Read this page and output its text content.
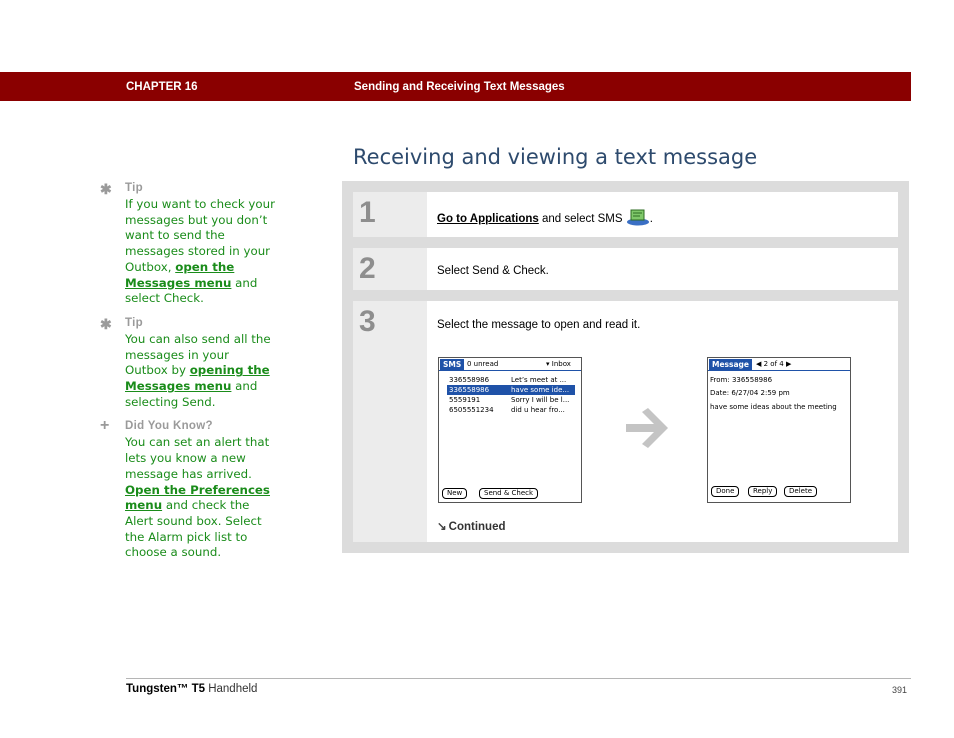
CHAPTER 16	Sending and Receiving Text Messages
Receiving and viewing a text message
✱ Tip
If you want to check your messages but you don’t want to send the messages stored in your Outbox, open the Messages menu and select Check.
✱ Tip
You can also send all the messages in your Outbox by opening the Messages menu and selecting Send.
+ Did You Know?
You can set an alert that lets you know a new message has arrived. Open the Preferences menu and check the Alert sound box. Select the Alarm pick list to choose a sound.
1	Go to Applications and select SMS .
2	Select Send & Check.
3	Select the message to open and read it.
↘ Continued
SMS 0 unread	▾ Inbox
336558986	Let’s meet at ...
336558986	have some ide...
5559191	Sorry I will be l...
6505551234 did u hear fro...
New	Send & Check
Message	◀ 2 of 4 ▶
From: 336558986
Date: 6/27/04 2:59 pm
have some ideas about the meeting
Done	Reply	Delete
Tungsten™ T5 Handheld	391
